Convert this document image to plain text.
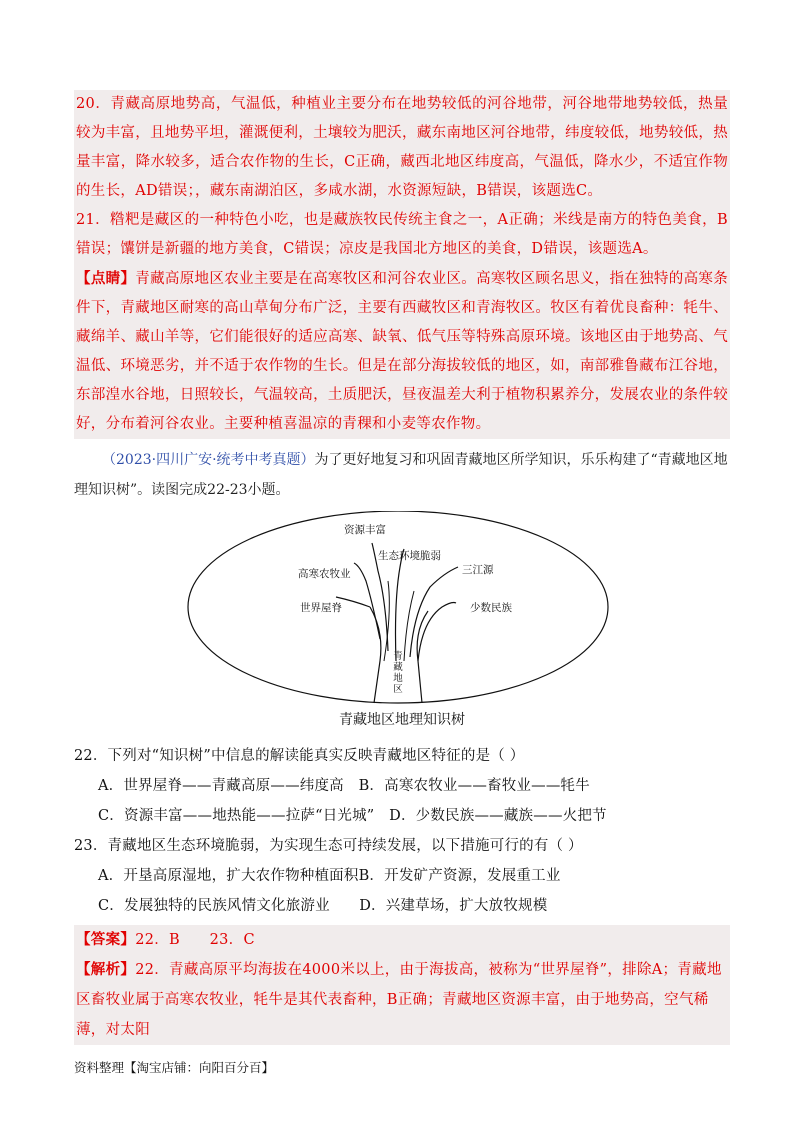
20．青藏高原地势高，气温低，种植业主要分布在地势较低的河谷地带，河谷地带地势较低，热量较为丰富，且地势平坦，灌溉便利，土壤较为肥沃，藏东南地区河谷地带，纬度较低，地势较低，热量丰富，降水较多，适合农作物的生长，C正确，藏西北地区纬度高，气温低，降水少，不适宜作物的生长，AD错误；，藏东南湖泊区，多咸水湖，水资源短缺，B错误，该题选C。

21．糌粑是藏区的一种特色小吃，也是藏族牧民传统主食之一，A正确；米线是南方的特色美食，B错误；馕饼是新疆的地方美食，C错误；凉皮是我国北方地区的美食，D错误，该题选A。

【点睛】青藏高原地区农业主要是在高寒牧区和河谷农业区。高寒牧区顾名思义，指在独特的高寒条件下，青藏地区耐寒的高山草甸分布广泛，主要有西藏牧区和青海牧区。牧区有着优良畜种：牦牛、藏绵羊、藏山羊等，它们能很好的适应高寒、缺氧、低气压等特殊高原环境。该地区由于地势高、气温低、环境恶劣，并不适于农作物的生长。但是在部分海拔较低的地区，如，南部雅鲁藏布江谷地，东部湟水谷地，日照较长，气温较高，土质肥沃，昼夜温差大利于植物积累养分，发展农业的条件较好，分布着河谷农业。主要种植喜温凉的青稞和小麦等农作物。

（2023·四川广安·统考中考真题）为了更好地复习和巩固青藏地区所学知识，乐乐构建了“青藏地区地理知识树”。读图完成22-23小题。
资源丰富
生态环境脆弱
三江源
高寒农牧业
世界屋脊	少数民族
青藏地区
青藏地区地理知识树

22．下列对“知识树”中信息的解读能真实反映青藏地区特征的是（ ）

A．世界屋脊——青藏高原——纬度高　 B．高寒农牧业——畜牧业——牦牛

C．资源丰富——地热能——拉萨“日光城”　 D．少数民族——藏族——火把节

23．青藏地区生态环境脆弱，为实现生态可持续发展，以下措施可行的有（ ）

A．开垦高原湿地，扩大农作物种植面积B．开发矿产资源，发展重工业

C．发展独特的民族风情文化旅游业　　 D．兴建草场，扩大放牧规模

【答案】22．B　　23．C

【解析】22．青藏高原平均海拔在4000米以上，由于海拔高，被称为“世界屋脊”，排除A；青藏地区畜牧业属于高寒农牧业，牦牛是其代表畜种，B正确；青藏地区资源丰富，由于地势高，空气稀薄，对太阳

资料整理【淘宝店铺：向阳百分百】
